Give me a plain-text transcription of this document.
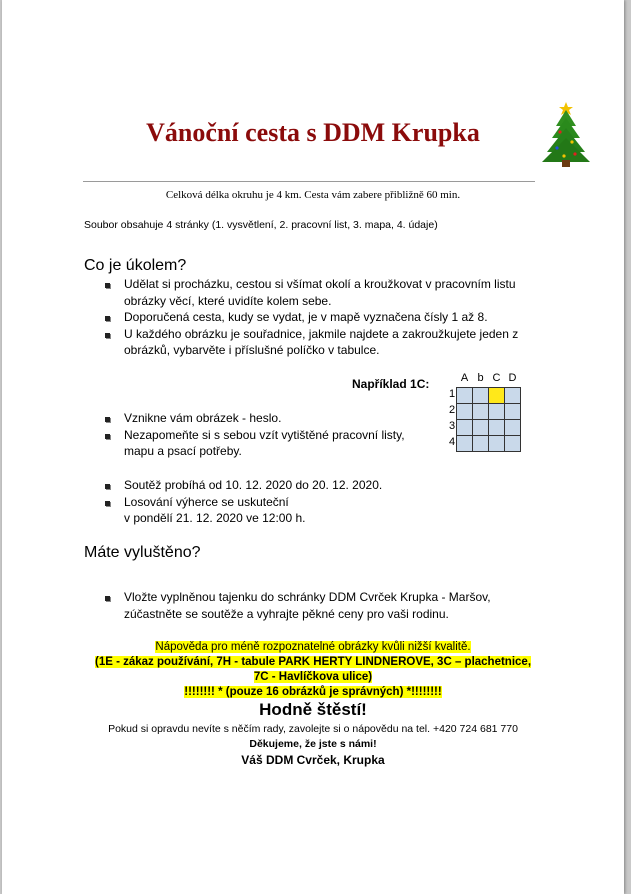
Vánoční cesta s DDM Krupka
Celková délka okruhu je 4 km. Cesta vám zabere přibližně 60 min.
Soubor obsahuje 4 stránky (1. vysvětlení, 2. pracovní list, 3. mapa, 4. údaje)
Co je úkolem?
Udělat si procházku, cestou si všímat okolí a kroužkovat v pracovním listu
obrázky věcí, které uvidíte kolem sebe.
Doporučená cesta, kudy se vydat, je v mapě vyznačena čísly 1 až 8.
U každého obrázku je souřadnice, jakmile najdete a zakroužkujete jeden z
obrázků, vybarvěte i příslušné políčko v tabulce.
Například 1C:	A b C D
1
2
3
4
Vznikne vám obrázek - heslo.
Nezapomeňte si s sebou vzít vytištěné pracovní listy,
mapu a psací potřeby.
Soutěž probíhá od 10. 12. 2020 do 20. 12. 2020.
Losování výherce se uskuteční
v pondělí 21. 12. 2020 ve 12:00 h.
Máte vyluštěno?
Vložte vyplněnou tajenku do schránky DDM Cvrček Krupka - Maršov,
zúčastněte se soutěže a vyhrajte pěkné ceny pro vaši rodinu.
Nápověda pro méně rozpoznatelné obrázky kvůli nižší kvalitě.
(1E - zákaz používání, 7H - tabule PARK HERTY LINDNEROVE, 3C – plachetnice,
7C - Havlíčkova ulice)
!!!!!!!! * (pouze 16 obrázků je správných) *!!!!!!!!
Hodně štěstí!
Pokud si opravdu nevíte s něčím rady, zavolejte si o nápovědu na tel. +420 724 681 770
Děkujeme, že jste s námi!
Váš DDM Cvrček, Krupka
